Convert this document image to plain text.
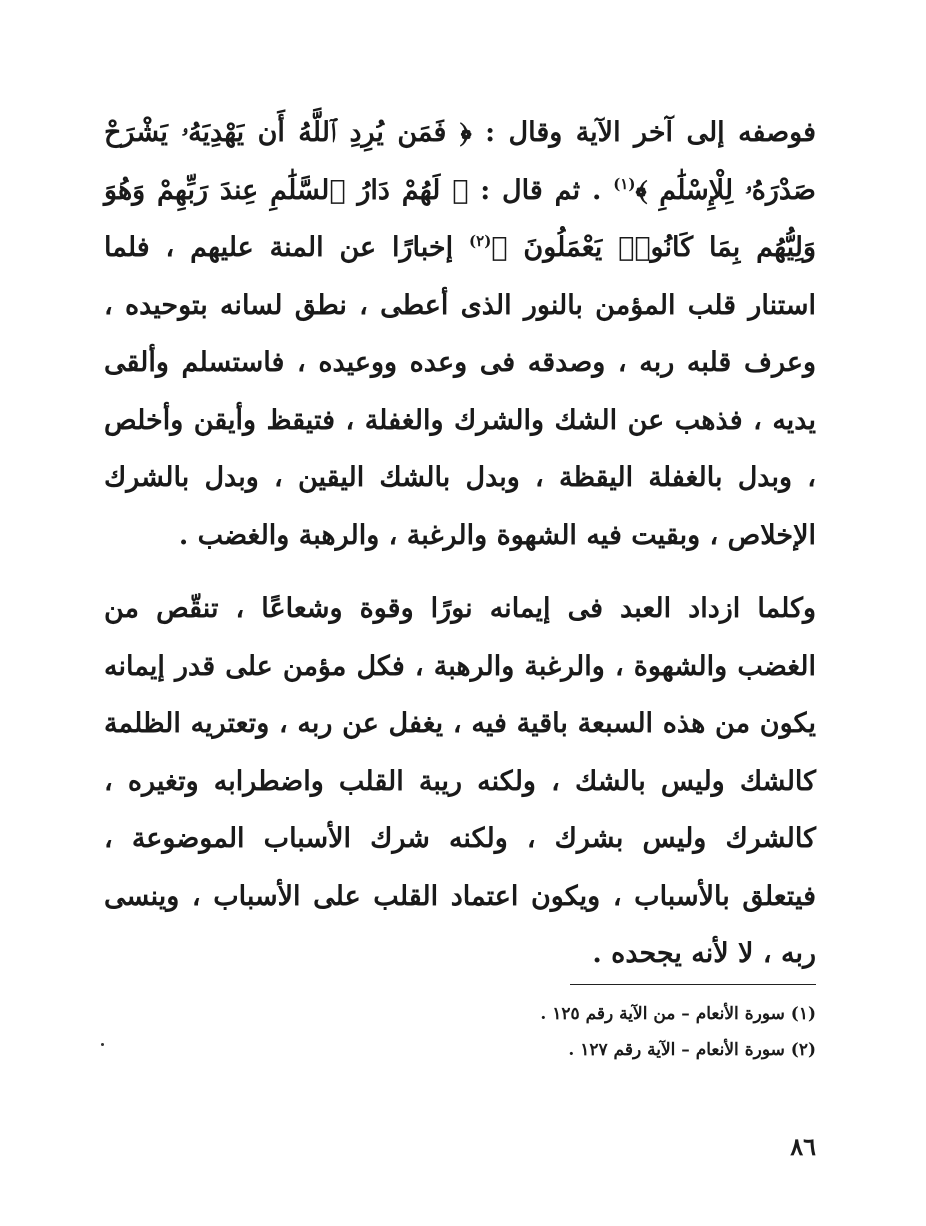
فوصفه إلى آخر الآية وقال : ﴿ فَمَن يُرِدِ ٱللَّهُ أَن يَهْدِيَهُۥ يَشْرَحْ صَدْرَهُۥ لِلْإِسْلَٰمِ ﴾$^{(١)}$ . ثم قال : ﴿ لَهُمْ دَارُ ٱلسَّلَٰمِ عِندَ رَبِّهِمْ وَهُوَ وَلِيُّهُم بِمَا كَانُوا۟ يَعْمَلُونَ ﴾$^{(٢)}$ إخبارًا عن المنة عليهم ، فلما استنار قلب المؤمن بالنور الذى أعطى ، نطق لسانه بتوحيده ، وعرف قلبه ربه ، وصدقه فى وعده ووعيده ، فاستسلم وألقى يديه ، فذهب عن الشك والشرك والغفلة ، فتيقظ وأيقن وأخلص ، وبدل بالغفلة اليقظة ، وبدل بالشك اليقين ، وبدل بالشرك الإخلاص ، وبقيت فيه الشهوة والرغبة ، والرهبة والغضب .

وكلما ازداد العبد فى إيمانه نورًا وقوة وشعاعًا ، تنقّص من الغضب والشهوة ، والرغبة والرهبة ، فكل مؤمن على قدر إيمانه يكون من هذه السبعة باقية فيه ، يغفل عن ربه ، وتعتريه الظلمة كالشك وليس بالشك ، ولكنه ريبة القلب واضطرابه وتغيره ، كالشرك وليس بشرك ، ولكنه شرك الأسباب الموضوعة ، فيتعلق بالأسباب ، ويكون اعتماد القلب على الأسباب ، وينسى ربه ، لا لأنه يجحده .

(١) سورة الأنعام – من الآية رقم ١٢٥ .
(٢) سورة الأنعام – الآية رقم ١٢٧ .
٨٦
